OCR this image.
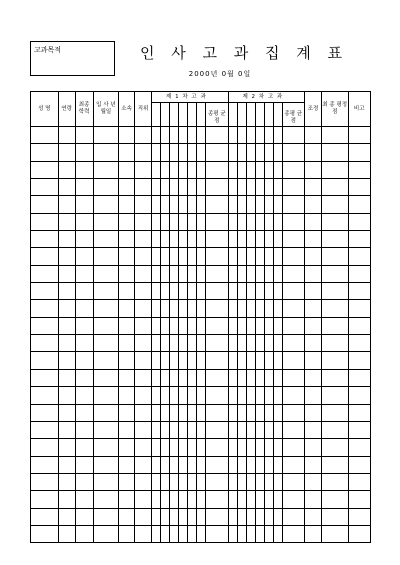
고과목적	인 사 고 과 집 계 표
2000년 0월 0일
성 명	연령	최종 학력	입 사 년월일	소속	직위	제 1 차 고 과							제 2 차 고 과							조정	최 종 평정점	비고
												종평 균점							종평 균점			
